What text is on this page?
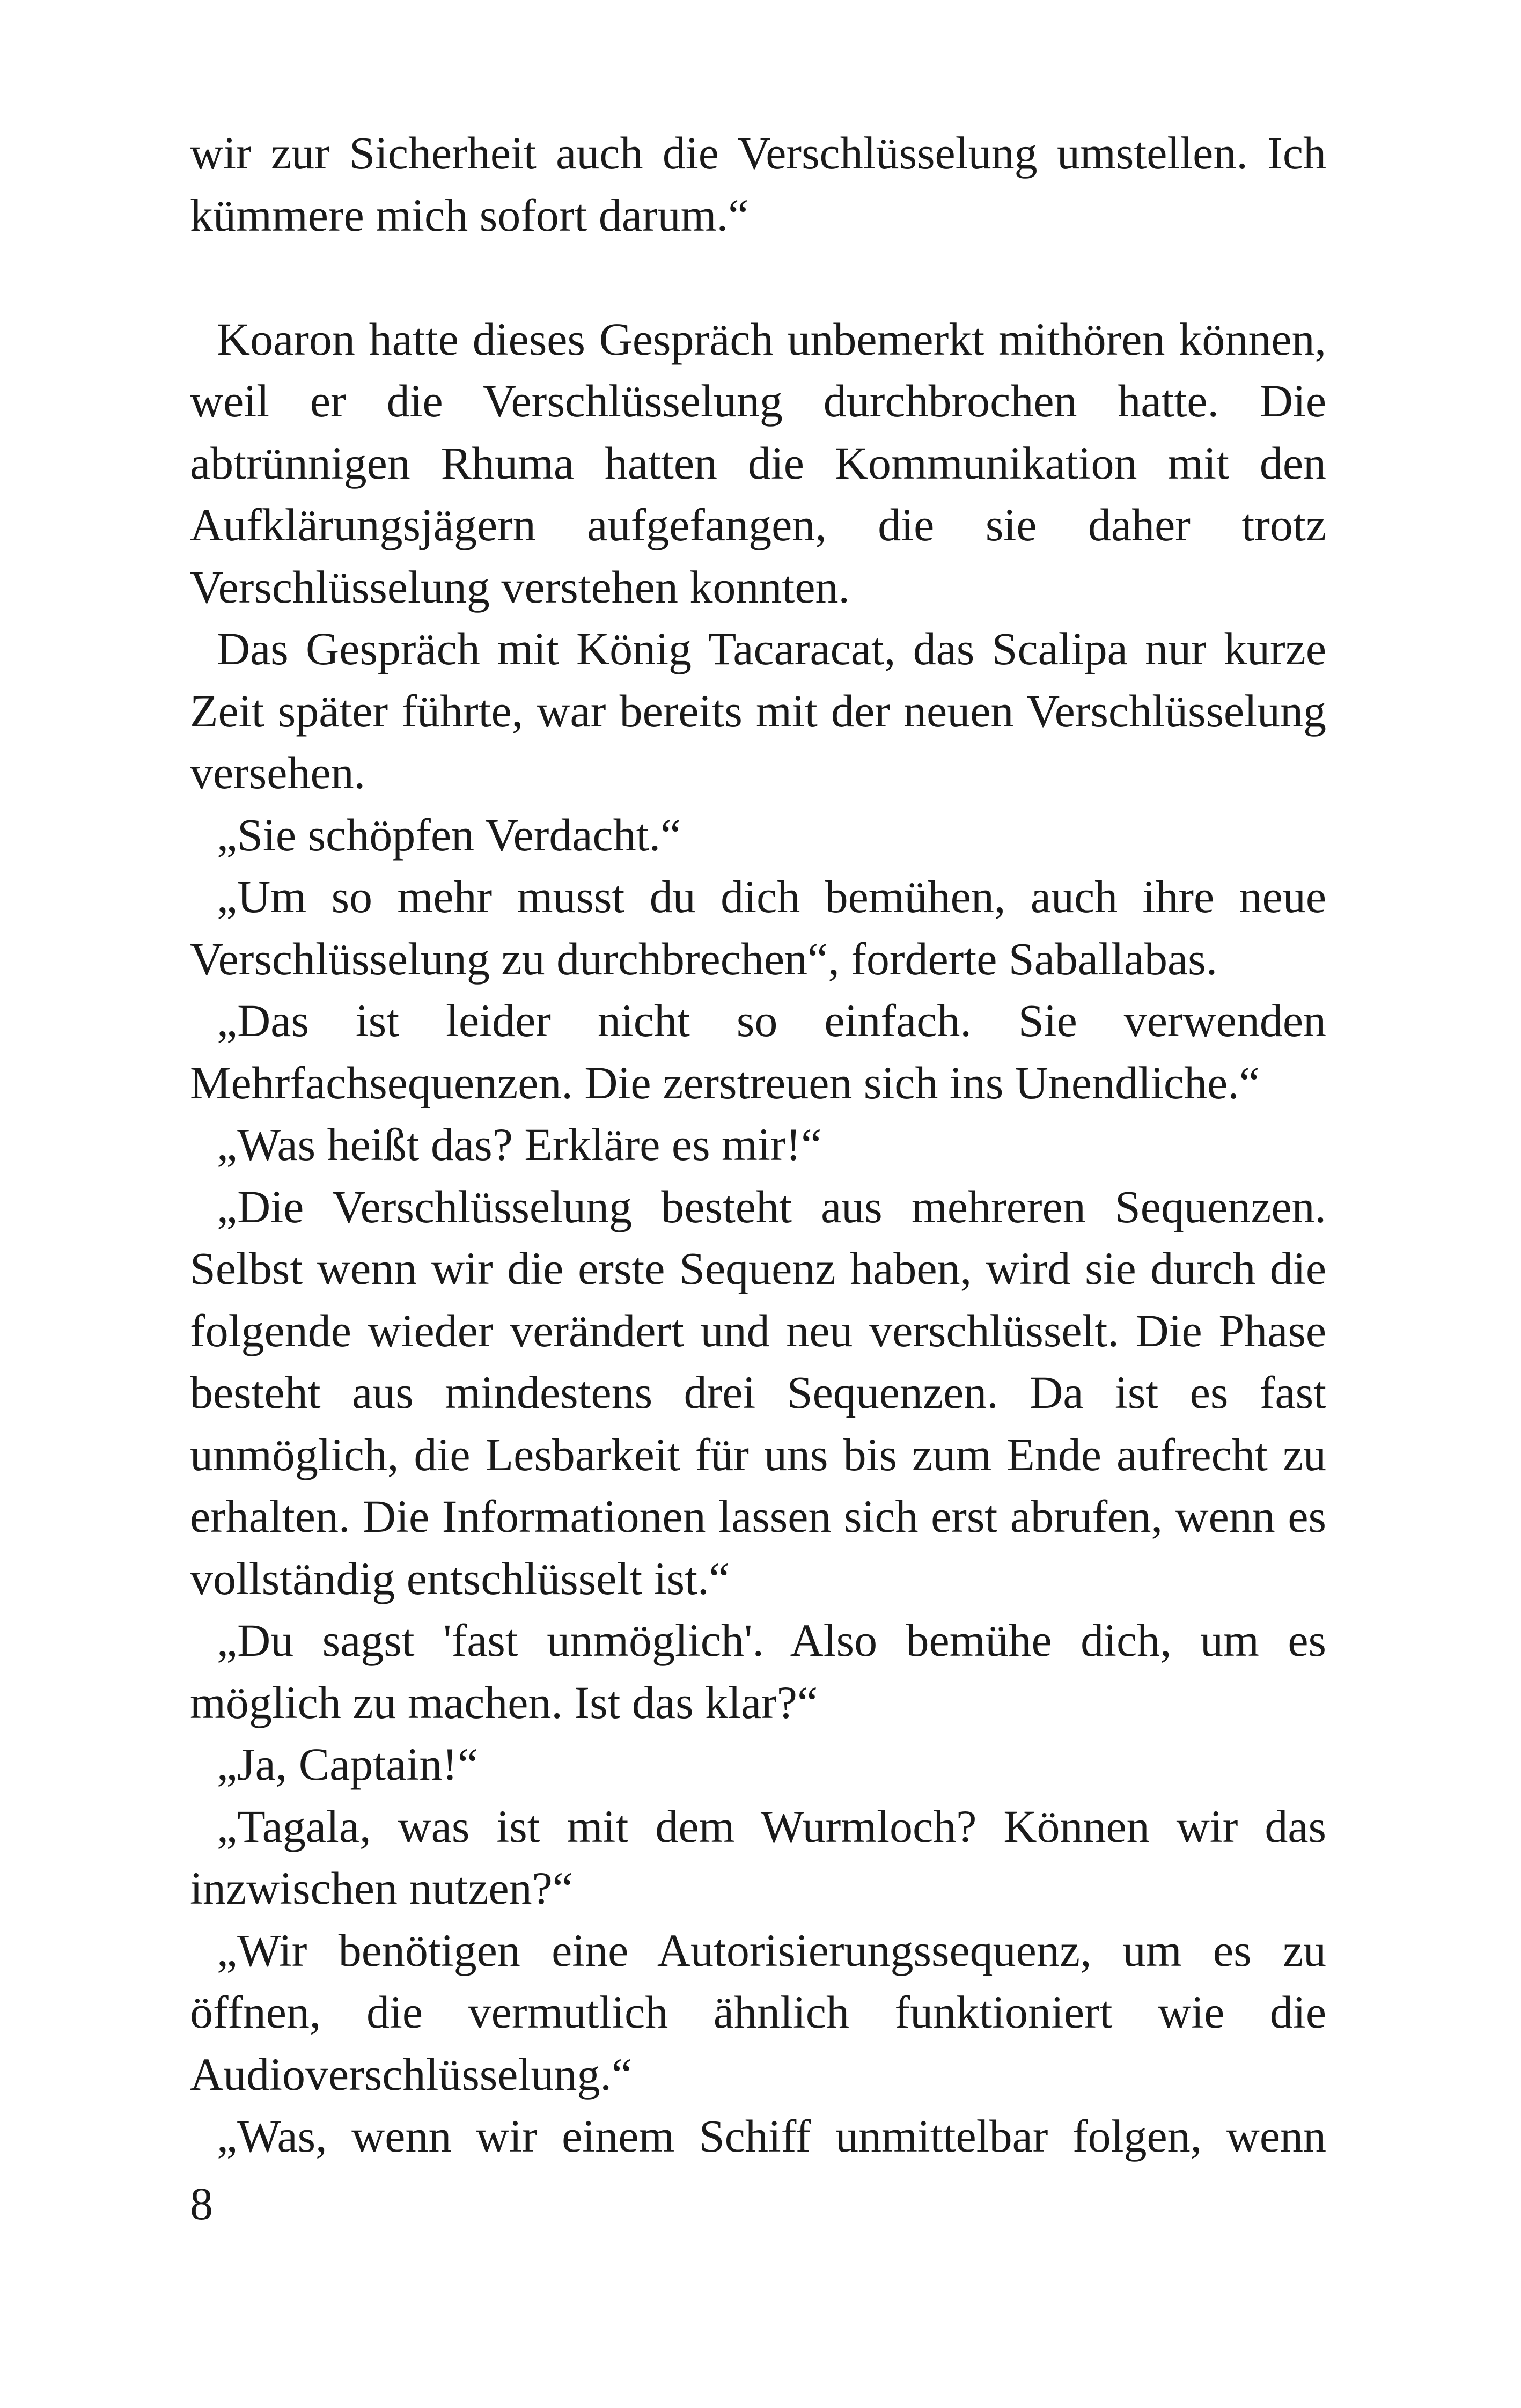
wir zur Sicherheit auch die Verschlüsselung umstellen. Ich kümmere mich sofort darum.“

Koaron hatte dieses Gespräch unbemerkt mithören können, weil er die Verschlüsselung durchbrochen hatte. Die abtrünnigen Rhuma hatten die Kommunikation mit den Aufklärungsjägern aufgefangen, die sie daher trotz Verschlüsselung verstehen konnten.

Das Gespräch mit König Tacaracat, das Scalipa nur kurze Zeit später führte, war bereits mit der neuen Verschlüsselung versehen.

„Sie schöpfen Verdacht.“

„Um so mehr musst du dich bemühen, auch ihre neue Verschlüsselung zu durchbrechen“, forderte Saballabas.

„Das ist leider nicht so einfach. Sie verwenden Mehrfachsequenzen. Die zerstreuen sich ins Unendliche.“

„Was heißt das? Erkläre es mir!“

„Die Verschlüsselung besteht aus mehreren Sequenzen. Selbst wenn wir die erste Sequenz haben, wird sie durch die folgende wieder verändert und neu verschlüsselt. Die Phase besteht aus mindestens drei Sequenzen. Da ist es fast unmöglich, die Lesbarkeit für uns bis zum Ende aufrecht zu erhalten. Die Informationen lassen sich erst abrufen, wenn es vollständig entschlüsselt ist.“

„Du sagst 'fast unmöglich'. Also bemühe dich, um es möglich zu machen. Ist das klar?“

„Ja, Captain!“

„Tagala, was ist mit dem Wurmloch? Können wir das inzwischen nutzen?“

„Wir benötigen eine Autorisierungssequenz, um es zu öffnen, die vermutlich ähnlich funktioniert wie die Audioverschlüsselung.“

„Was, wenn wir einem Schiff unmittelbar folgen, wenn

8
